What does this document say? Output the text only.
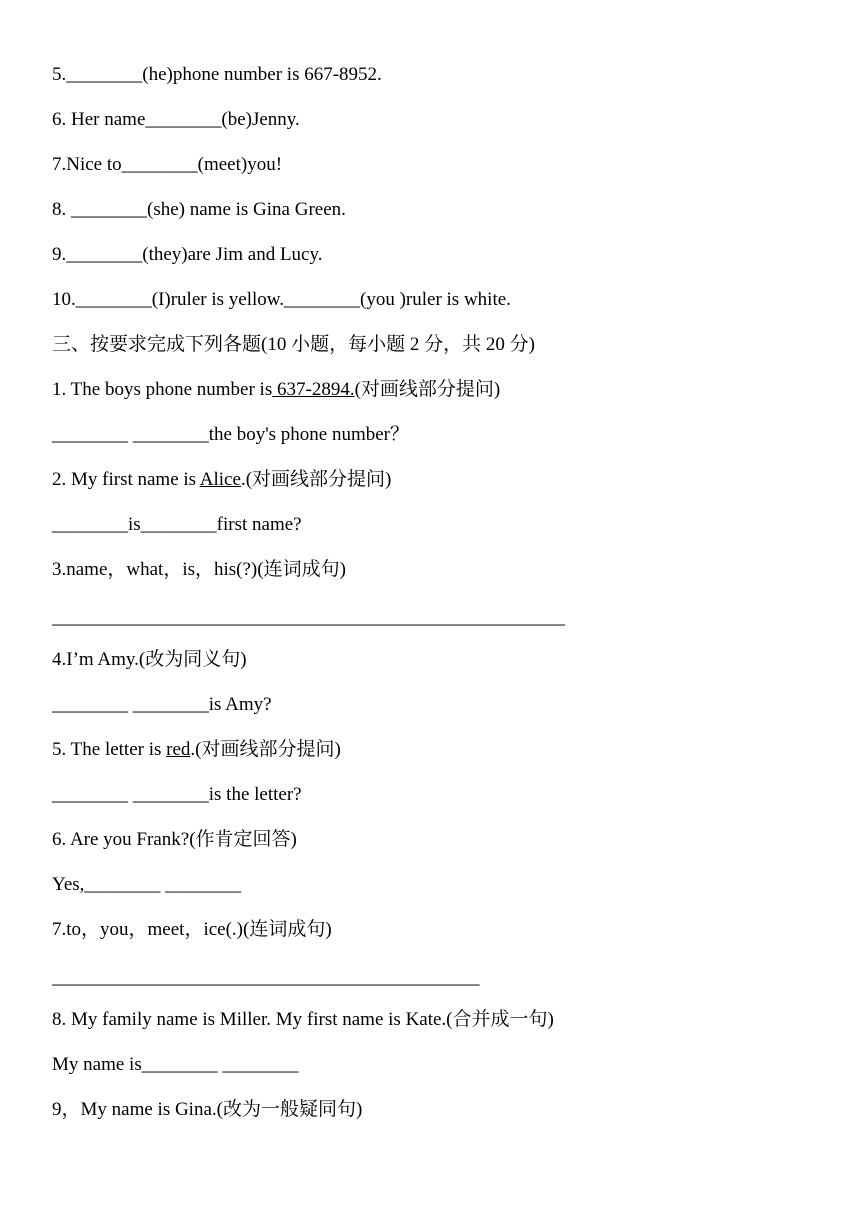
5.________(he)phone number is 667-8952.
6. Her name________(be)Jenny.
7.Nice to________(meet)you!
8. ________(she) name is Gina Green.
9.________(they)are Jim and Lucy.
10.________(I)ruler is yellow.________(you )ruler is white.
三、按要求完成下列各题(10 小题，每小题 2 分，共 20 分)
1. The boys phone number is 637-2894.(对画线部分提问)
________ ________the boy's phone number？
2. My first name is Alice.(对画线部分提问)
________is________first name?
3.name，what，is，his(?)(连词成句)
______________________________________________________
4.I’m Amy.(改为同义句)
________ ________is Amy?
5. The letter is red.(对画线部分提问)
________ ________is the letter?
6. Are you Frank?(作肯定回答)
Yes,________ ________
7.to，you，meet，ice(.)(连词成句)
_____________________________________________
8. My family name is Miller. My first name is Kate.(合并成一句)
My name is________ ________
9，My name is Gina.(改为一般疑同句)
